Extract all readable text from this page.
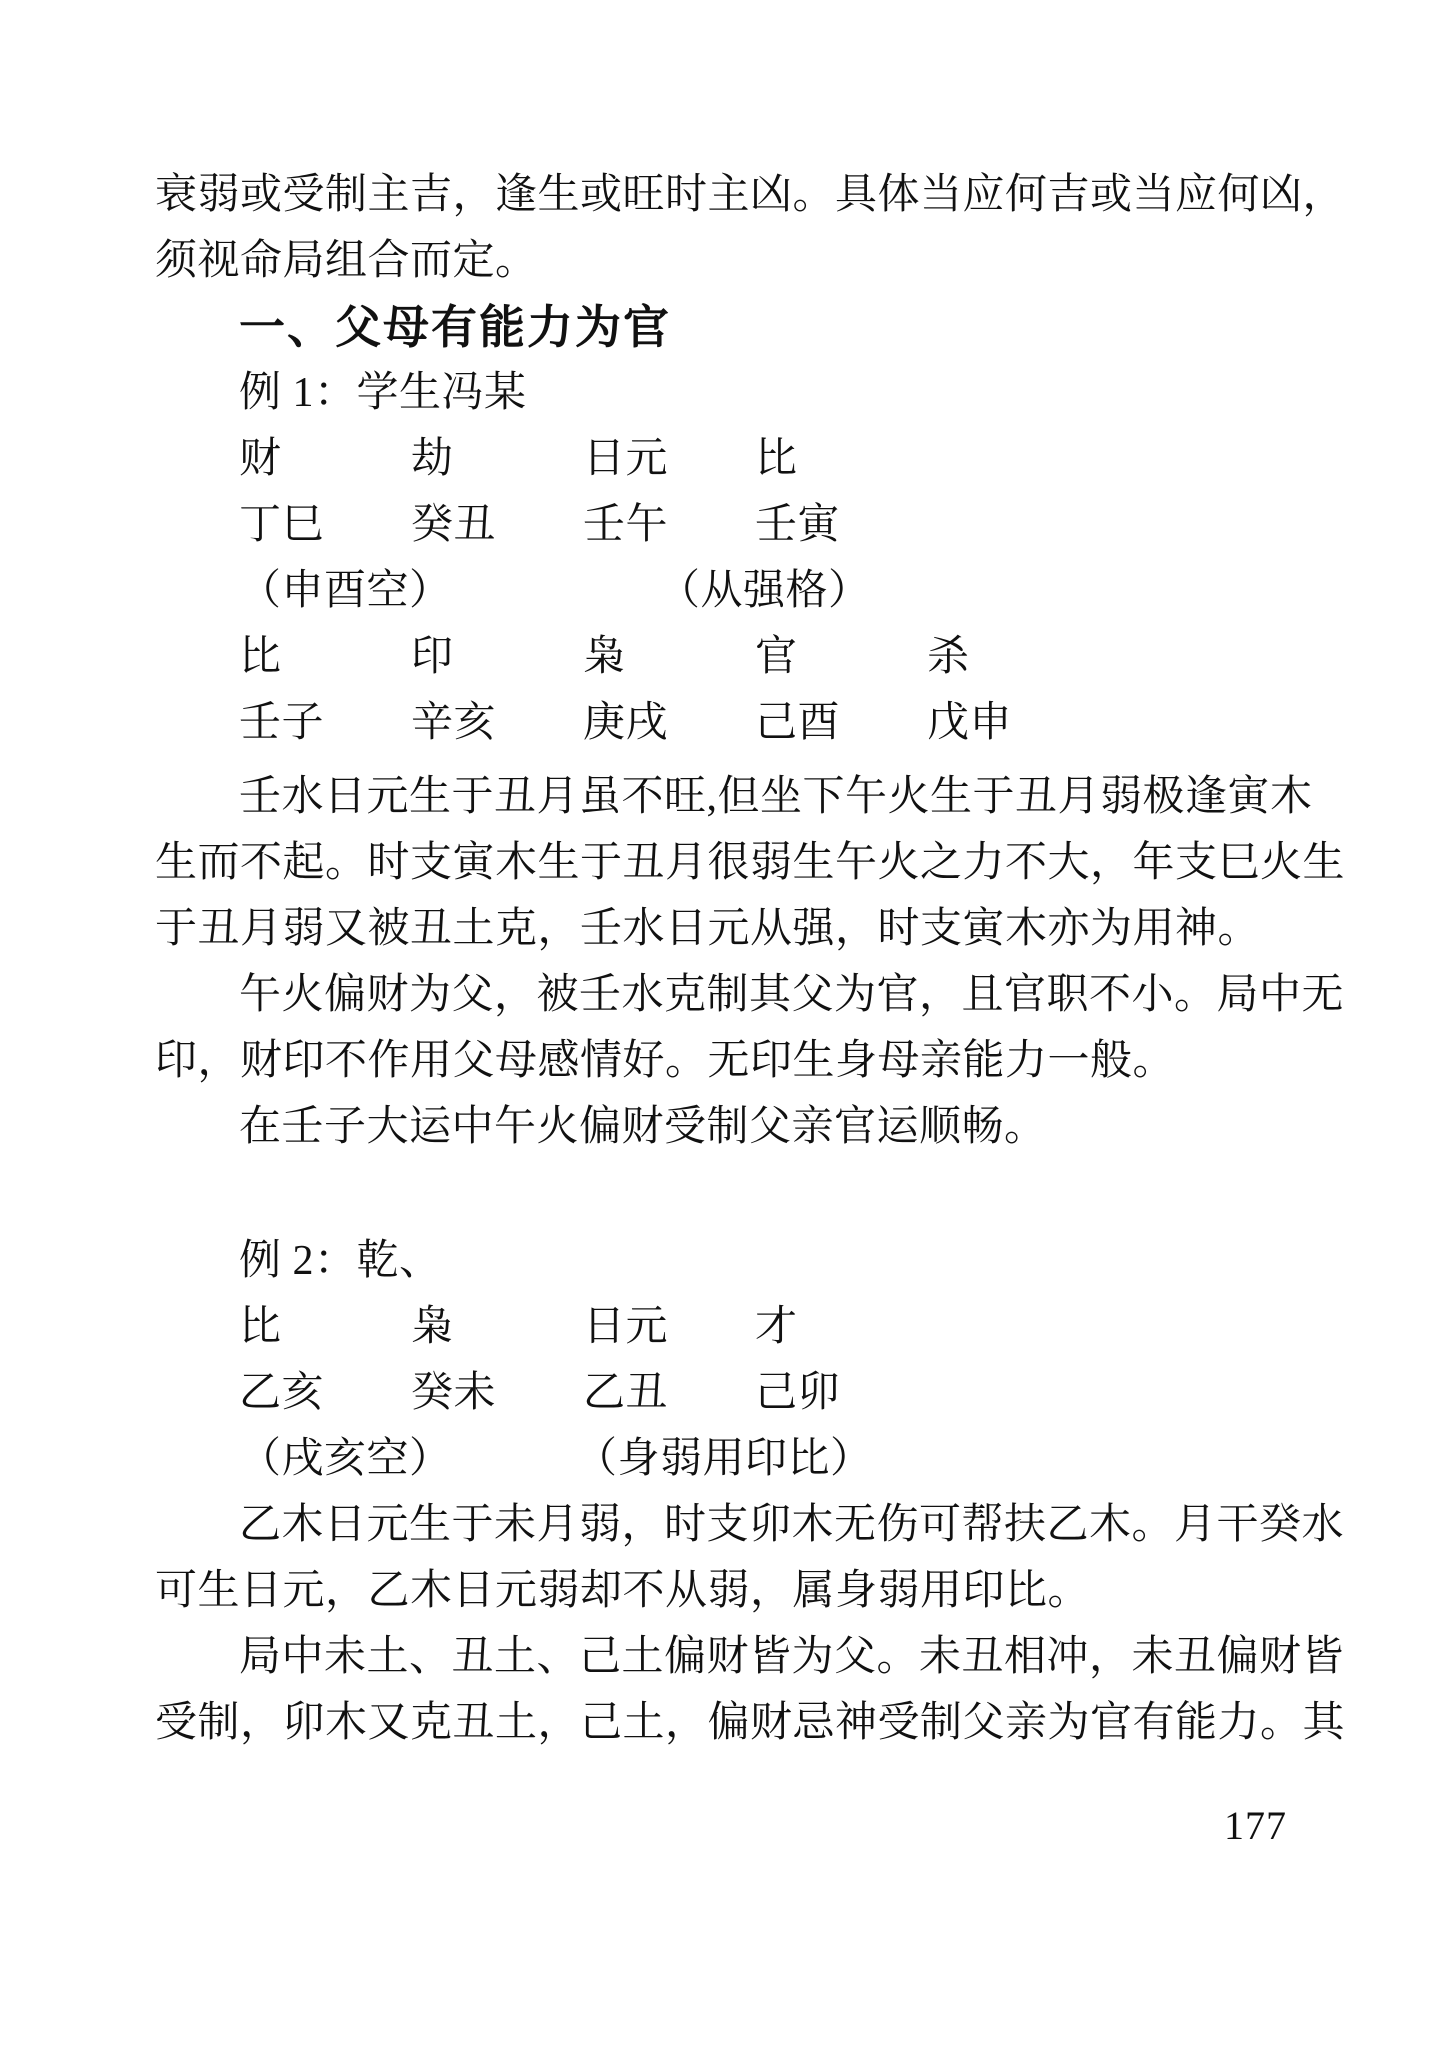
衰弱或受制主吉，逢生或旺时主凶。具体当应何吉或当应何凶，
须视命局组合而定。
一、父母有能力为官
例 1：学生冯某
财	劫	日元 比
丁巳 癸丑 壬午 壬寅
（申酉空）	（从强格）
比	印	枭	官	杀
壬子 辛亥 庚戌 己酉 戊申
壬水日元生于丑月虽不旺,但坐下午火生于丑月弱极逢寅木
生而不起。时支寅木生于丑月很弱生午火之力不大，年支巳火生
于丑月弱又被丑土克，壬水日元从强，时支寅木亦为用神。
午火偏财为父，被壬水克制其父为官，且官职不小。局中无
印，财印不作用父母感情好。无印生身母亲能力一般。
在壬子大运中午火偏财受制父亲官运顺畅。
例 2：乾、
比	枭	日元 才
乙亥 癸未 乙丑 己卯
（戌亥空）	（身弱用印比）
乙木日元生于未月弱，时支卯木无伤可帮扶乙木。月干癸水
可生日元，乙木日元弱却不从弱，属身弱用印比。
局中未土、丑土、己土偏财皆为父。未丑相冲，未丑偏财皆
受制，卯木又克丑土，己土，偏财忌神受制父亲为官有能力。其
177
